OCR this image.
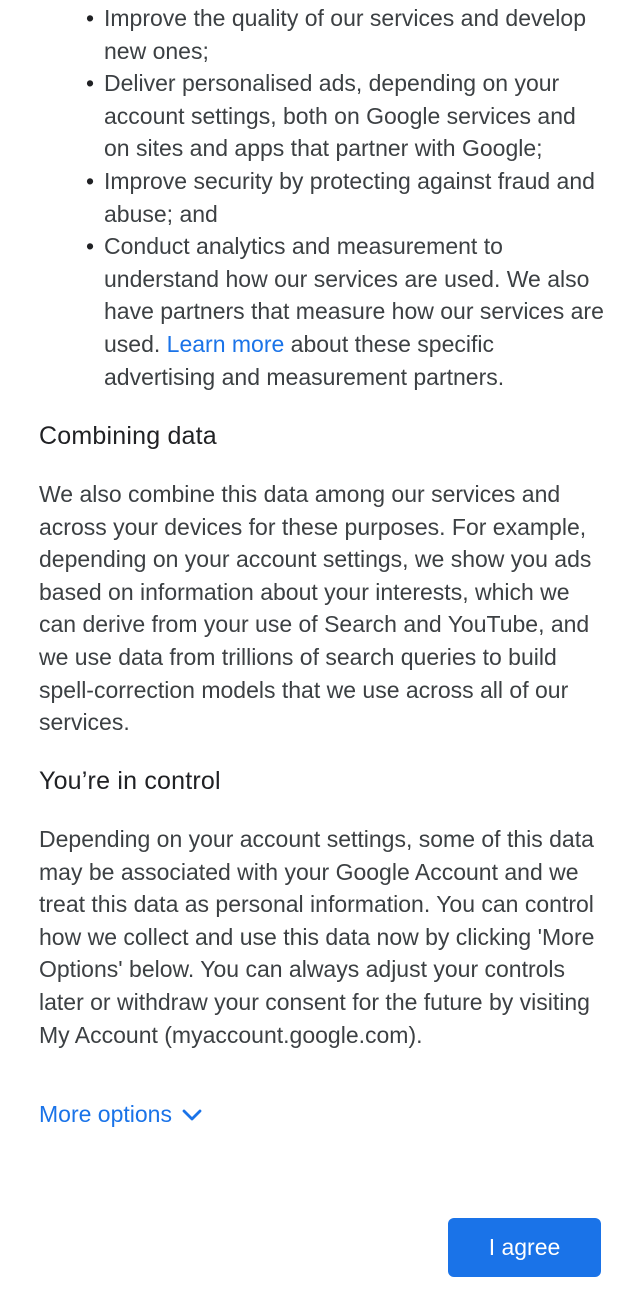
• Improve the quality of our services and develop new ones;
• Deliver personalised ads, depending on your account settings, both on Google services and on sites and apps that partner with Google;
• Improve security by protecting against fraud and abuse; and
• Conduct analytics and measurement to understand how our services are used. We also have partners that measure how our services are used. Learn more about these specific advertising and measurement partners.
Combining data

We also combine this data among our services and across your devices for these purposes. For example, depending on your account settings, we show you ads based on information about your interests, which we can derive from your use of Search and YouTube, and we use data from trillions of search queries to build spell-correction models that we use across all of our services.

You’re in control

Depending on your account settings, some of this data may be associated with your Google Account and we treat this data as personal information. You can control how we collect and use this data now by clicking 'More Options' below. You can always adjust your controls later or withdraw your consent for the future by visiting My Account (myaccount.google.com).

More options
I agree
